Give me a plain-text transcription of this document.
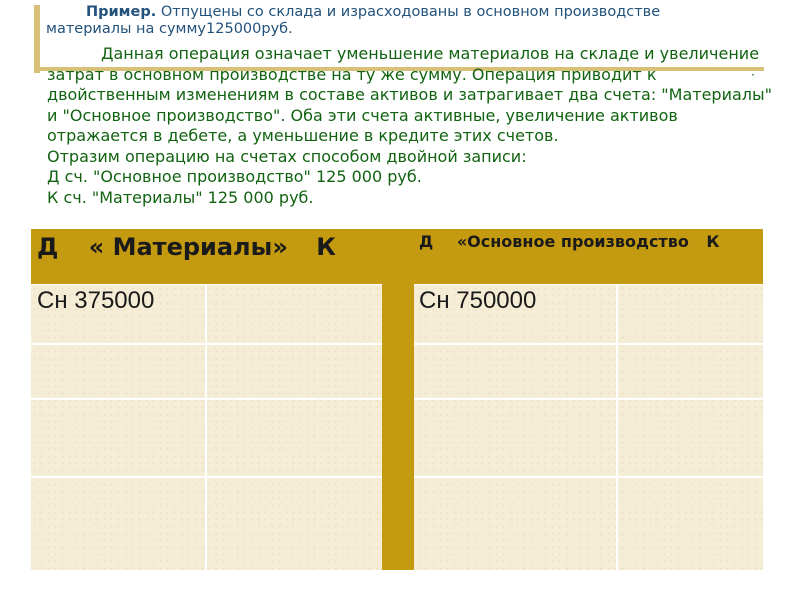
Пример. Отпущены со склада и израсходованы в основном производстве материалы на сумму125000руб.

Данная операция означает уменьшение материалов на складе и увеличение затрат в основном производстве на ту же сумму. Операция приводит к двойственным изменениям в составе активов и затрагивает два счета: "Материалы" и "Основное производство". Оба эти счета активные, увеличение активов отражается в дебете, а уменьшение в кредите этих счетов.

Отразим операцию на счетах способом двойной записи:

Д сч. "Основное производство" 125 000 руб.

К сч. "Материалы" 125 000 руб.

·
Д « Материалы» К	Д «Основное производство К
Сн 375000	Сн 750000
